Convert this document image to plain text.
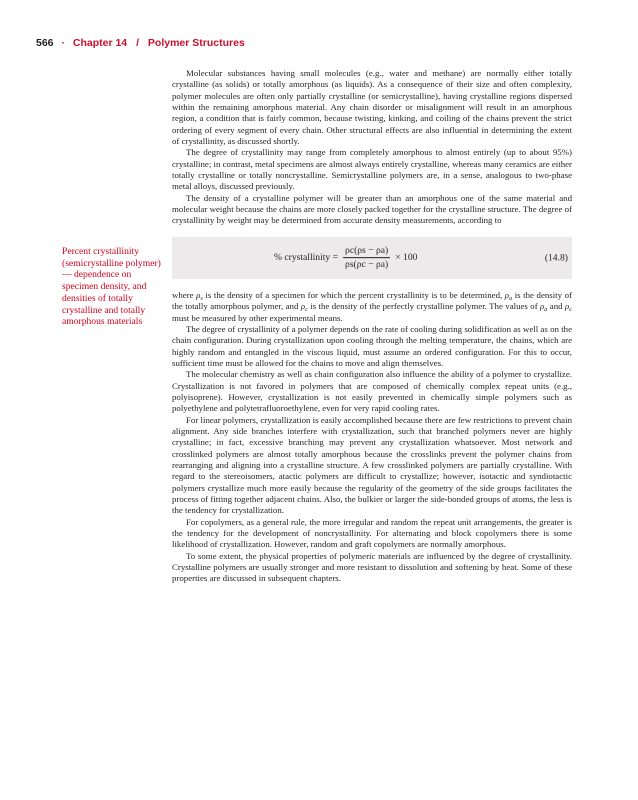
566 · Chapter 14 / Polymer Structures
Percent crystallinity (semicrystalline polymer)— dependence on specimen density, and densities of totally crystalline and totally amorphous materials

Molecular substances having small molecules (e.g., water and methane) are normally either totally crystalline (as solids) or totally amorphous (as liquids). As a consequence of their size and often complexity, polymer molecules are often only partially crystalline (or semicrystalline), having crystalline regions dispersed within the remaining amorphous material. Any chain disorder or misalignment will result in an amorphous region, a condition that is fairly common, because twisting, kinking, and coiling of the chains prevent the strict ordering of every segment of every chain. Other structural effects are also influential in determining the extent of crystallinity, as discussed shortly.

The degree of crystallinity may range from completely amorphous to almost entirely (up to about 95%) crystalline; in contrast, metal specimens are almost always entirely crystalline, whereas many ceramics are either totally crystalline or totally noncrystalline. Semicrystalline polymers are, in a sense, analogous to two-phase metal alloys, discussed previously.

The density of a crystalline polymer will be greater than an amorphous one of the same material and molecular weight because the chains are more closely packed together for the crystalline structure. The degree of crystallinity by weight may be determined from accurate density measurements, according to

% crystallinity = $\frac{\rho c(\rho s - \rho a)}{\rho s(\rho c - \rho a)} \times 100$	(14.8)

where $\rho_s$ is the density of a specimen for which the percent crystallinity is to be determined, $\rho_a$ is the density of the totally amorphous polymer, and $\rho_c$ is the density of the perfectly crystalline polymer. The values of $\rho_a$ and $\rho_c$ must be measured by other experimental means.

The degree of crystallinity of a polymer depends on the rate of cooling during solidification as well as on the chain configuration. During crystallization upon cooling through the melting temperature, the chains, which are highly random and entangled in the viscous liquid, must assume an ordered configuration. For this to occur, sufficient time must be allowed for the chains to move and align themselves.

The molecular chemistry as well as chain configuration also influence the ability of a polymer to crystallize. Crystallization is not favored in polymers that are composed of chemically complex repeat units (e.g., polyisoprene). However, crystallization is not easily prevented in chemically simple polymers such as polyethylene and polytetrafluoroethylene, even for very rapid cooling rates.

For linear polymers, crystallization is easily accomplished because there are few restrictions to prevent chain alignment. Any side branches interfere with crystallization, such that branched polymers never are highly crystalline; in fact, excessive branching may prevent any crystallization whatsoever. Most network and crosslinked polymers are almost totally amorphous because the crosslinks prevent the polymer chains from rearranging and aligning into a crystalline structure. A few crosslinked polymers are partially crystalline. With regard to the stereoisomers, atactic polymers are difficult to crystallize; however, isotactic and syndiotactic polymers crystallize much more easily because the regularity of the geometry of the side groups facilitates the process of fitting together adjacent chains. Also, the bulkier or larger the side-bonded groups of atoms, the less is the tendency for crystallization.

For copolymers, as a general rule, the more irregular and random the repeat unit arrangements, the greater is the tendency for the development of noncrystallinity. For alternating and block copolymers there is some likelihood of crystallization. However, random and graft copolymers are normally amorphous.

To some extent, the physical properties of polymeric materials are influenced by the degree of crystallinity. Crystalline polymers are usually stronger and more resistant to dissolution and softening by heat. Some of these properties are discussed in subsequent chapters.
